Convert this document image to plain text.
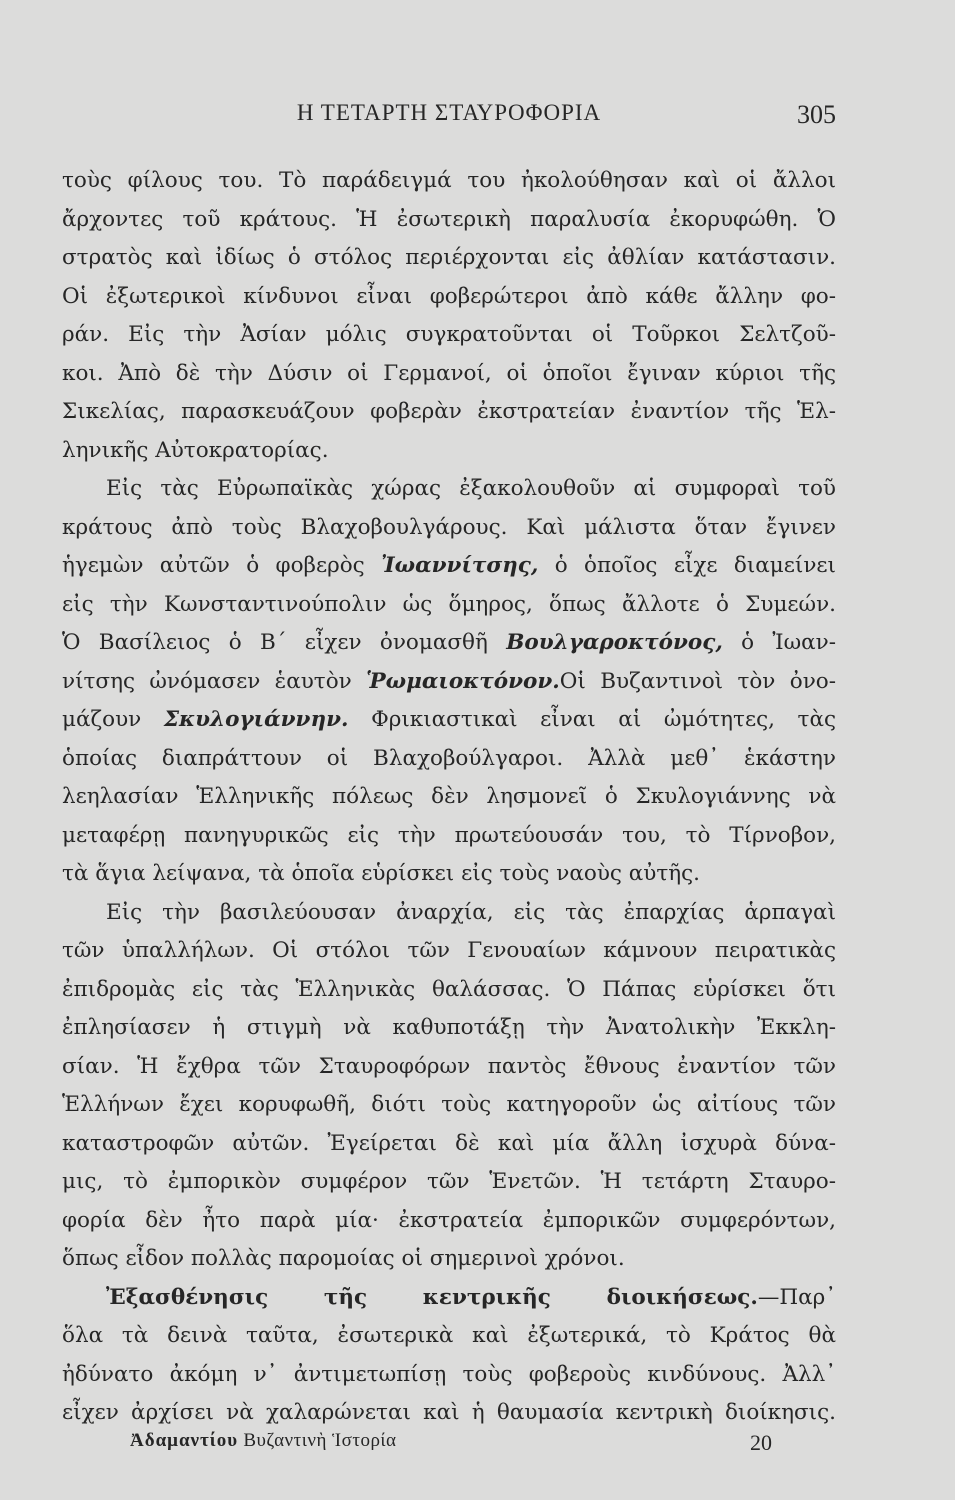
Η ΤΕΤΑΡΤΗ ΣΤΑΥΡΟΦΟΡΙΑ	305
τοὺς φίλους του. Τὸ παράδειγμά του ἠκολούθησαν καὶ οἱ ἄλλοι
ἄρχοντες τοῦ κράτους. Ἡ ἐσωτερικὴ παραλυσία ἐκορυφώθη. Ὁ
στρατὸς καὶ ἰδίως ὁ στόλος περιέρχονται εἰς ἀθλίαν κατάστασιν.
Οἱ ἐξωτερικοὶ κίνδυνοι εἶναι φοβερώτεροι ἀπὸ κάθε ἄλλην φο-
ράν. Εἰς τὴν Ἀσίαν μόλις συγκρατοῦνται οἱ Τοῦρκοι Σελτζοῦ-
κοι. Ἀπὸ δὲ τὴν Δύσιν οἱ Γερμανοί, οἱ ὁποῖοι ἔγιναν κύριοι τῆς
Σικελίας, παρασκευάζουν φοβερὰν ἐκστρατείαν ἐναντίον τῆς Ἑλ-
ληνικῆς Αὐτοκρατορίας.
Εἰς τὰς Εὐρωπαϊκὰς χώρας ἐξακολουθοῦν αἱ συμφοραὶ τοῦ
κράτους ἀπὸ τοὺς Βλαχοβουλγάρους. Καὶ μάλιστα ὅταν ἔγινεν
ἡγεμὼν αὐτῶν ὁ φοβερὸς Ἰωαννίτσης, ὁ ὁποῖος εἶχε διαμείνει
εἰς τὴν Κωνσταντινούπολιν ὡς ὅμηρος, ὅπως ἄλλοτε ὁ Συμεών.
Ὁ Βασίλειος ὁ Β΄ εἶχεν ὀνομασθῆ Βουλγαροκτόνος, ὁ Ἰωαν-
νίτσης ὠνόμασεν ἑαυτὸν Ῥωμαιοκτόνον.Οἱ Βυζαντινοὶ τὸν ὀνο-
μάζουν Σκυλογιάννην. Φρικιαστικαὶ εἶναι αἱ ὠμότητες, τὰς
ὁποίας διαπράττουν οἱ Βλαχοβούλγαροι. Ἀλλὰ μεθ᾽ ἑκάστην
λεηλασίαν Ἑλληνικῆς πόλεως δὲν λησμονεῖ ὁ Σκυλογιάννης νὰ
μεταφέρῃ πανηγυρικῶς εἰς τὴν πρωτεύουσάν του, τὸ Τίρνοβον,
τὰ ἅγια λείψανα, τὰ ὁποῖα εὑρίσκει εἰς τοὺς ναοὺς αὐτῆς.
Εἰς τὴν βασιλεύουσαν ἀναρχία, εἰς τὰς ἐπαρχίας ἁρπαγαὶ
τῶν ὑπαλλήλων. Οἱ στόλοι τῶν Γενουαίων κάμνουν πειρατικὰς
ἐπιδρομὰς εἰς τὰς Ἑλληνικὰς θαλάσσας. Ὁ Πάπας εὑρίσκει ὅτι
ἐπλησίασεν ἡ στιγμὴ νὰ καθυποτάξῃ τὴν Ἀνατολικὴν Ἐκκλη-
σίαν. Ἡ ἔχθρα τῶν Σταυροφόρων παντὸς ἔθνους ἐναντίον τῶν
Ἑλλήνων ἔχει κορυφωθῆ, διότι τοὺς κατηγοροῦν ὡς αἰτίους τῶν
καταστροφῶν αὐτῶν. Ἐγείρεται δὲ καὶ μία ἄλλη ἰσχυρὰ δύνα-
μις, τὸ ἐμπορικὸν συμφέρον τῶν Ἑνετῶν. Ἡ τετάρτη Σταυρο-
φορία δὲν ἦτο παρὰ μία· ἐκστρατεία ἐμπορικῶν συμφερόντων,
ὅπως εἶδον πολλὰς παρομοίας οἱ σημερινοὶ χρόνοι.
Ἐξασθένησις τῆς κεντρικῆς διοικήσεως.—Παρ᾽
ὅλα τὰ δεινὰ ταῦτα, ἐσωτερικὰ καὶ ἐξωτερικά, τὸ Κράτος θὰ
ἠδύνατο ἀκόμη ν᾽ ἀντιμετωπίσῃ τοὺς φοβεροὺς κινδύνους. Ἀλλ᾽
εἶχεν ἀρχίσει νὰ χαλαρώνεται καὶ ἡ θαυμασία κεντρικὴ διοίκησις.
Ἀδαμαντίου Βυζαντινὴ Ἱστορία	20
